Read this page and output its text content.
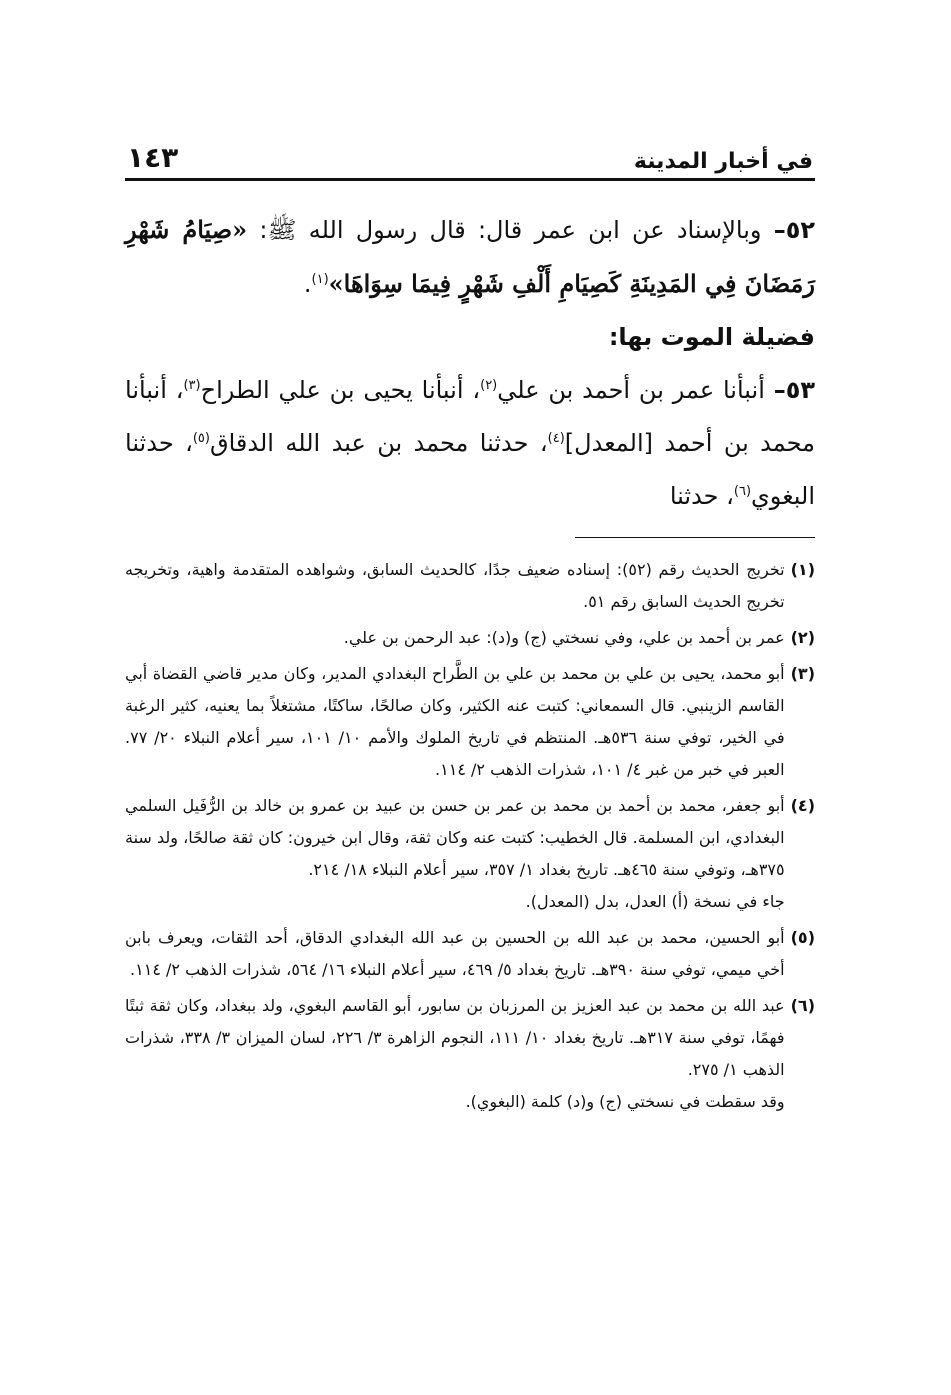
في أخبار المدينة
١٤٣

٥٢– وبالإسناد عن ابن عمر قال: قال رسول الله ﷺ: «صِيَامُ شَهْرِ رَمَضَانَ فِي المَدِينَةِ كَصِيَامِ أَلْفِ شَهْرٍ فِيمَا سِوَاهَا»$^{(١)}$.

فضيلة الموت بها:

٥٣– أنبأنا عمر بن أحمد بن علي$^{(٢)}$، أنبأنا يحيى بن علي الطراح$^{(٣)}$، أنبأنا محمد بن أحمد [المعدل]$^{(٤)}$، حدثنا محمد بن عبد الله الدقاق$^{(٥)}$، حدثنا البغوي$^{(٦)}$، حدثنا

(١)
تخريج الحديث رقم (٥٢): إسناده ضعيف جدًا، كالحديث السابق، وشواهده المتقدمة واهية، وتخريجه تخريج الحديث السابق رقم ٥١.
(٢)
عمر بن أحمد بن علي، وفي نسختي (ج) و(د): عبد الرحمن بن علي.
(٣)
أبو محمد، يحيى بن علي بن محمد بن علي بن الطَّراح البغدادي المدير، وكان مدير قاضي القضاة أبي القاسم الزينبي. قال السمعاني: كتبت عنه الكثير، وكان صالحًا، ساكتًا، مشتغلاً بما يعنيه، كثير الرغبة في الخير، توفي سنة ٥٣٦هـ. المنتظم في تاريخ الملوك والأمم ١٠/ ١٠١، سير أعلام النبلاء ٢٠/ ٧٧. العبر في خبر من غبر ٤/ ١٠١، شذرات الذهب ٢/ ١١٤.
(٤)
أبو جعفر، محمد بن أحمد بن محمد بن عمر بن حسن بن عبيد بن عمرو بن خالد بن الرُّفَيل السلمي البغدادي، ابن المسلمة. قال الخطيب: كتبت عنه وكان ثقة، وقال ابن خيرون: كان ثقة صالحًا، ولد سنة ٣٧٥هـ، وتوفي سنة ٤٦٥هـ. تاريخ بغداد ١/ ٣٥٧، سير أعلام النبلاء ١٨/ ٢١٤.
جاء في نسخة (أ) العدل، بدل (المعدل).
(٥)
أبو الحسين، محمد بن عبد الله بن الحسين بن عبد الله البغدادي الدقاق، أحد الثقات، ويعرف بابن أخي ميمي، توفي سنة ٣٩٠هـ. تاريخ بغداد ٥/ ٤٦٩، سير أعلام النبلاء ١٦/ ٥٦٤، شذرات الذهب ٢/ ١١٤.
(٦)
عبد الله بن محمد بن عبد العزيز بن المرزبان بن سابور، أبو القاسم البغوي، ولد ببغداد، وكان ثقة ثبتًا فهمًا، توفي سنة ٣١٧هـ. تاريخ بغداد ١٠/ ١١١، النجوم الزاهرة ٣/ ٢٢٦، لسان الميزان ٣/ ٣٣٨، شذرات الذهب ١/ ٢٧٥.
وقد سقطت في نسختي (ج) و(د) كلمة (البغوي).
